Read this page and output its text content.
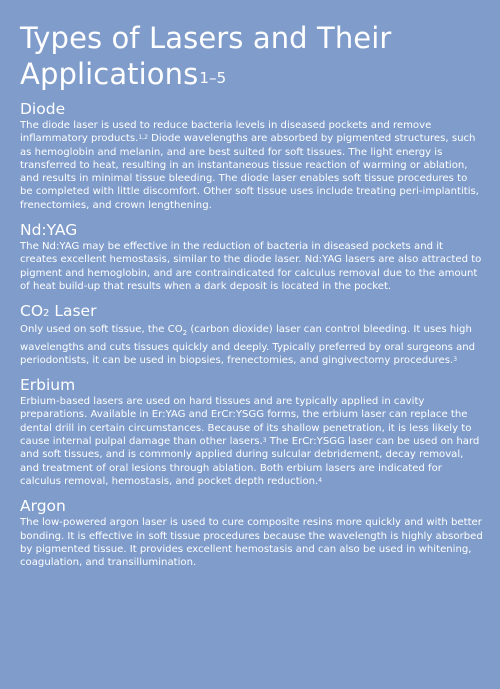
Types of Lasers and Their Applications$^{1-5}$
Diode

The diode laser is used to reduce bacteria levels in diseased pockets and remove inflammatory products.$^{1,2}$ Diode wavelengths are absorbed by pigmented structures, such as hemoglobin and melanin, and are best suited for soft tissues. The light energy is transferred to heat, resulting in an instantaneous tissue reaction of warming or ablation, and results in minimal tissue bleeding. The diode laser enables soft tissue procedures to be completed with little discomfort. Other soft tissue uses include treating peri-implantitis, frenectomies, and crown lengthening.

Nd:YAG

The Nd:YAG may be effective in the reduction of bacteria in diseased pockets and it creates excellent hemostasis, similar to the diode laser. Nd:YAG lasers are also attracted to pigment and hemoglobin, and are contraindicated for calculus removal due to the amount of heat build-up that results when a dark deposit is located in the pocket.

CO2 Laser

Only used on soft tissue, the $CO_2$ (carbon dioxide) laser can control bleeding. It uses high wavelengths and cuts tissues quickly and deeply. Typically preferred by oral surgeons and periodontists, it can be used in biopsies, frenectomies, and gingivectomy procedures.$^3$

Erbium

Erbium-based lasers are used on hard tissues and are typically applied in cavity preparations. Available in Er:YAG and ErCr:YSGG forms, the erbium laser can replace the dental drill in certain circumstances. Because of its shallow penetration, it is less likely to cause internal pulpal damage than other lasers.$^3$ The ErCr:YSGG laser can be used on hard and soft tissues, and is commonly applied during sulcular debridement, decay removal, and treatment of oral lesions through ablation. Both erbium lasers are indicated for calculus removal, hemostasis, and pocket depth reduction.$^4$

Argon

The low-powered argon laser is used to cure composite resins more quickly and with better bonding. It is effective in soft tissue procedures because the wavelength is highly absorbed by pigmented tissue. It provides excellent hemostasis and can also be used in whitening, coagulation, and transillumination.
